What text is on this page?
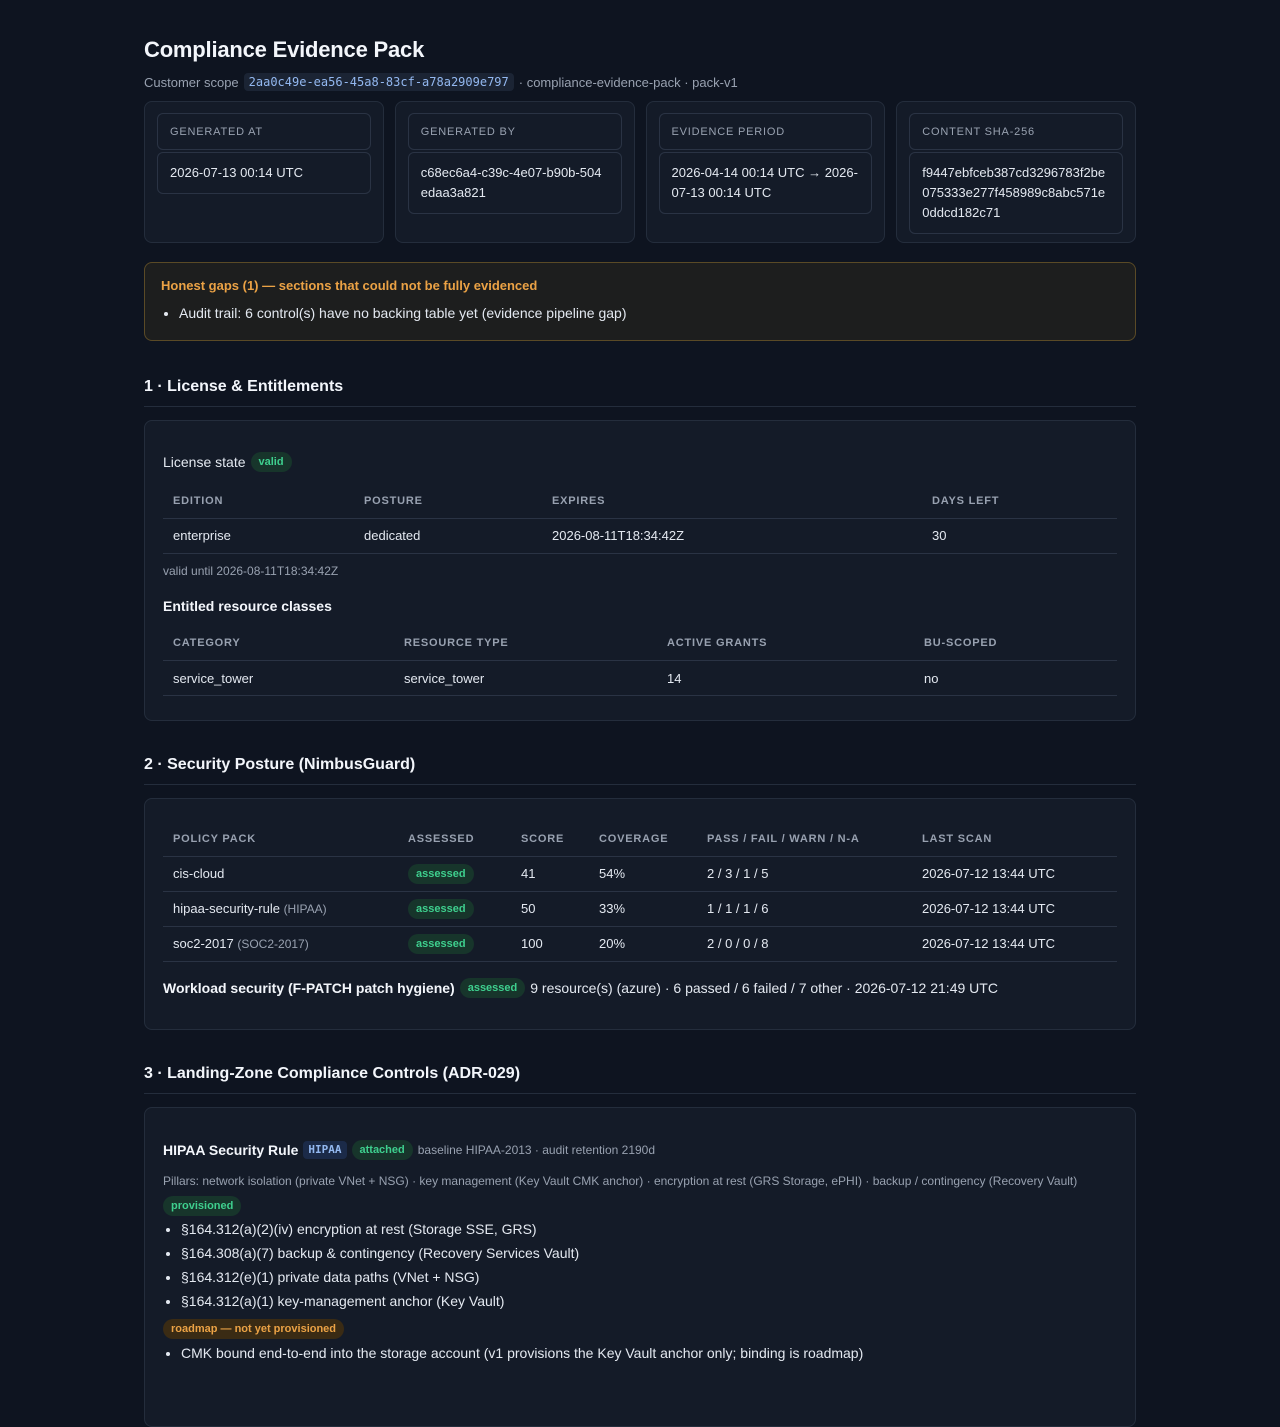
Compliance Evidence Pack
Customer scope 2aa0c49e-ea56-45a8-83cf-a78a2909e797 · compliance-evidence-pack · pack-v1
GENERATED AT
2026-07-13 00:14 UTC
GENERATED BY
c68ec6a4-c39c-4e07-b90b-504edaa3a821
EVIDENCE PERIOD
2026-04-14 00:14 UTC → 2026-07-13 00:14 UTC
CONTENT SHA-256
f9447ebfceb387cd3296783f2be075333e277f458989c8abc571e0ddcd182c71
Honest gaps (1) — sections that could not be fully evidenced
• Audit trail: 6 control(s) have no backing table yet (evidence pipeline gap)
1 · License & Entitlements
License state	valid
EDITION	POSTURE	EXPIRES	DAYS LEFT
enterprise	dedicated	2026-08-11T18:34:42Z	30
valid until 2026-08-11T18:34:42Z
Entitled resource classes
CATEGORY	RESOURCE TYPE	ACTIVE GRANTS	BU-SCOPED
service_tower	service_tower	14	no
2 · Security Posture (NimbusGuard)
POLICY PACK	ASSESSED	SCORE	COVERAGE	PASS / FAIL / WARN / N-A	LAST SCAN
cis-cloud	assessed	41	54%	2 / 3 / 1 / 5	2026-07-12 13:44 UTC
hipaa-security-rule (HIPAA)	assessed	50	33%	1 / 1 / 1 / 6	2026-07-12 13:44 UTC
soc2-2017 (SOC2-2017)	assessed	100	20%	2 / 0 / 0 / 8	2026-07-12 13:44 UTC
Workload security (F-PATCH patch hygiene)	assessed 9 resource(s) (azure) · 6 passed / 6 failed / 7 other · 2026-07-12 21:49 UTC
3 · Landing-Zone Compliance Controls (ADR-029)
HIPAA Security Rule HIPAA	attached	baseline HIPAA-2013 · audit retention 2190d
Pillars: network isolation (private VNet + NSG) · key management (Key Vault CMK anchor) · encryption at rest (GRS Storage, ePHI) · backup / contingency (Recovery Vault)
provisioned
• §164.312(a)(2)(iv) encryption at rest (Storage SSE, GRS)
• §164.308(a)(7) backup & contingency (Recovery Services Vault)
• §164.312(e)(1) private data paths (VNet + NSG)
• §164.312(a)(1) key-management anchor (Key Vault)
roadmap — not yet provisioned
• CMK bound end-to-end into the storage account (v1 provisions the Key Vault anchor only; binding is roadmap)
